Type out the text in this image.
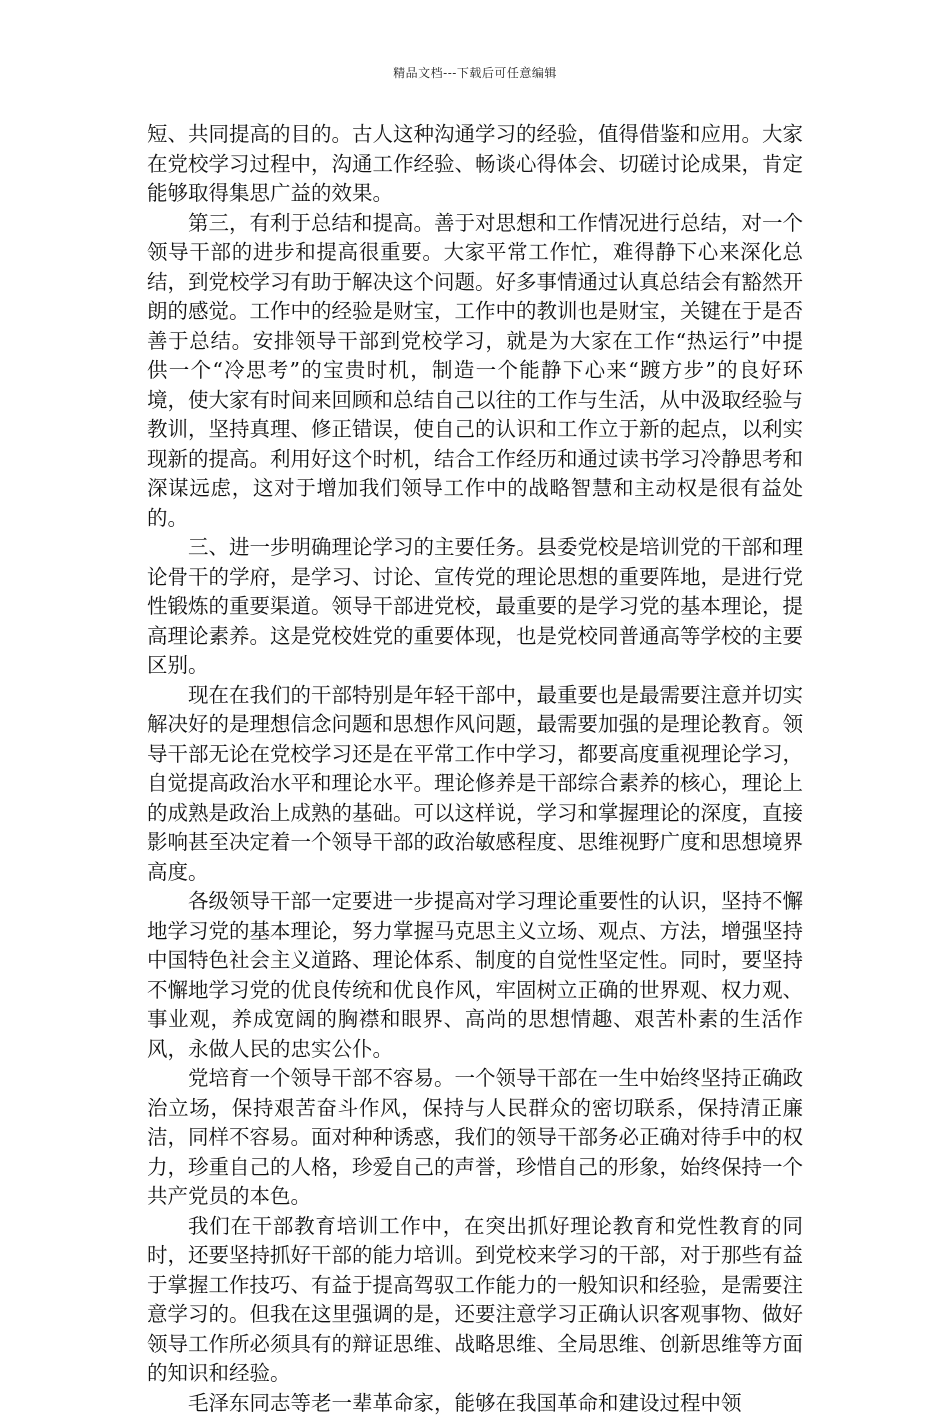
精品文档---下载后可任意编辑

短、共同提高的目的。古人这种沟通学习的经验，值得借鉴和应用。大家在党校学习过程中，沟通工作经验、畅谈心得体会、切磋讨论成果，肯定能够取得集思广益的效果。

第三，有利于总结和提高。善于对思想和工作情况进行总结，对一个领导干部的进步和提高很重要。大家平常工作忙，难得静下心来深化总结，到党校学习有助于解决这个问题。好多事情通过认真总结会有豁然开朗的感觉。工作中的经验是财宝，工作中的教训也是财宝，关键在于是否善于总结。安排领导干部到党校学习，就是为大家在工作“热运行”中提供一个“冷思考”的宝贵时机，制造一个能静下心来“踱方步”的良好环境，使大家有时间来回顾和总结自己以往的工作与生活，从中汲取经验与教训，坚持真理、修正错误，使自己的认识和工作立于新的起点，以利实现新的提高。利用好这个时机，结合工作经历和通过读书学习冷静思考和深谋远虑，这对于增加我们领导工作中的战略智慧和主动权是很有益处的。

三、进一步明确理论学习的主要任务。县委党校是培训党的干部和理论骨干的学府，是学习、讨论、宣传党的理论思想的重要阵地，是进行党性锻炼的重要渠道。领导干部进党校，最重要的是学习党的基本理论，提高理论素养。这是党校姓党的重要体现，也是党校同普通高等学校的主要区别。

现在在我们的干部特别是年轻干部中，最重要也是最需要注意并切实解决好的是理想信念问题和思想作风问题，最需要加强的是理论教育。领导干部无论在党校学习还是在平常工作中学习，都要高度重视理论学习，自觉提高政治水平和理论水平。理论修养是干部综合素养的核心，理论上的成熟是政治上成熟的基础。可以这样说，学习和掌握理论的深度，直接影响甚至决定着一个领导干部的政治敏感程度、思维视野广度和思想境界高度。

各级领导干部一定要进一步提高对学习理论重要性的认识，坚持不懈地学习党的基本理论，努力掌握马克思主义立场、观点、方法，增强坚持中国特色社会主义道路、理论体系、制度的自觉性坚定性。同时，要坚持不懈地学习党的优良传统和优良作风，牢固树立正确的世界观、权力观、事业观，养成宽阔的胸襟和眼界、高尚的思想情趣、艰苦朴素的生活作风，永做人民的忠实公仆。

党培育一个领导干部不容易。一个领导干部在一生中始终坚持正确政治立场，保持艰苦奋斗作风，保持与人民群众的密切联系，保持清正廉洁，同样不容易。面对种种诱惑，我们的领导干部务必正确对待手中的权力，珍重自己的人格，珍爱自己的声誉，珍惜自己的形象，始终保持一个共产党员的本色。

我们在干部教育培训工作中，在突出抓好理论教育和党性教育的同时，还要坚持抓好干部的能力培训。到党校来学习的干部，对于那些有益于掌握工作技巧、有益于提高驾驭工作能力的一般知识和经验，是需要注意学习的。但我在这里强调的是，还要注意学习正确认识客观事物、做好领导工作所必须具有的辩证思维、战略思维、全局思维、创新思维等方面的知识和经验。

毛泽东同志等老一辈革命家，能够在我国革命和建设过程中领
